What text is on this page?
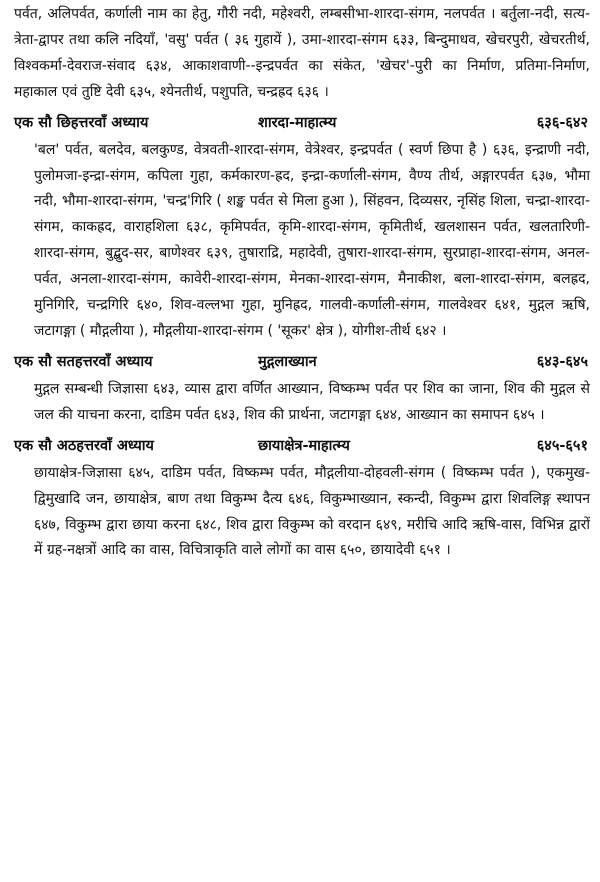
पर्वत, अलिपर्वत, कर्णाली नाम का हेतु, गौरी नदी, महेश्वरी, लम्बसीभा-शारदा-संगम, नलपर्वत । बर्तुला-नदी, सत्य-त्रेता-द्वापर तथा कलि नदियाँ, 'वसु' पर्वत ( ३६ गुहायें ), उमा-शारदा-संगम ६३३, बिन्दुमाधव, खेचरपुरी, खेचरतीर्थ, विश्वकर्मा-देवराज-संवाद ६३४, आकाशवाणी--इन्द्रपर्वत का संकेत, 'खेचर'-पुरी का निर्माण, प्रतिमा-निर्माण, महाकाल एवं तुष्टि देवी ६३५, श्येनतीर्थ, पशुपति, चन्द्रह्रद ६३६ ।

एक सौ छिहत्तरवाँ अध्याय	शारदा-माहात्म्य	६३६-६४२

'बल' पर्वत, बलदेव, बलकुण्ड, वेत्रवती-शारदा-संगम, वेत्रेश्वर, इन्द्रपर्वत ( स्वर्ण छिपा है ) ६३६, इन्द्राणी नदी, पुलोमजा-इन्द्रा-संगम, कपिला गुहा, कर्मकारण-ह्रद, इन्द्रा-कर्णाली-संगम, वैण्य तीर्थ, अङ्गारपर्वत ६३७, भौमा नदी, भौमा-शारदा-संगम, 'चन्द्र'गिरि ( शङ्ख पर्वत से मिला हुआ ), सिंहवन, दिव्यसर, नृसिंह शिला, चन्द्रा-शारदा-संगम, काकह्रद, वाराहशिला ६३८, कृमिपर्वत, कृमि-शारदा-संगम, कृमितीर्थ, खलशासन पर्वत, खलतारिणी-शारदा-संगम, बुद्बुद-सर, बाणेश्वर ६३९, तुषाराद्रि, महादेवी, तुषारा-शारदा-संगम, सुरप्राहा-शारदा-संगम, अनल-पर्वत, अनला-शारदा-संगम, कावेरी-शारदा-संगम, मेनका-शारदा-संगम, मैनाकीश, बला-शारदा-संगम, बलह्रद, मुनिगिरि, चन्द्रगिरि ६४०, शिव-वल्लभा गुहा, मुनिह्रद, गालवी-कर्णाली-संगम, गालवेश्वर ६४१, मुद्गल ऋषि, जटागङ्गा ( मौद्गलीया ), मौद्गलीया-शारदा-संगम ( 'सूकर' क्षेत्र ), योगीश-तीर्थ ६४२ ।

एक सौ सतहत्तरवाँ अध्याय	मुद्गलाख्यान	६४३-६४५

मुद्गल सम्बन्धी जिज्ञासा ६४३, व्यास द्वारा वर्णित आख्यान, विष्कम्भ पर्वत पर शिव का जाना, शिव की मुद्गल से जल की याचना करना, दाडिम पर्वत ६४३, शिव की प्रार्थना, जटागङ्गा ६४४, आख्यान का समापन ६४५ ।

एक सौ अठहत्तरवाँ अध्याय	छायाक्षेत्र-माहात्म्य	६४५-६५१

छायाक्षेत्र-जिज्ञासा ६४५, दाडिम पर्वत, विष्कम्भ पर्वत, मौद्गलीया-दोहवली-संगम ( विष्कम्भ पर्वत ), एकमुख-द्विमुखादि जन, छायाक्षेत्र, बाण तथा विकुम्भ दैत्य ६४६, विकुम्भाख्यान, स्कन्दी, विकुम्भ द्वारा शिवलिङ्ग स्थापन ६४७, विकुम्भ द्वारा छाया करना ६४८, शिव द्वारा विकुम्भ को वरदान ६४९, मरीचि आदि ऋषि-वास, विभिन्न द्वारों में ग्रह-नक्षत्रों आदि का वास, विचित्राकृति वाले लोगों का वास ६५०, छायादेवी ६५१ ।
